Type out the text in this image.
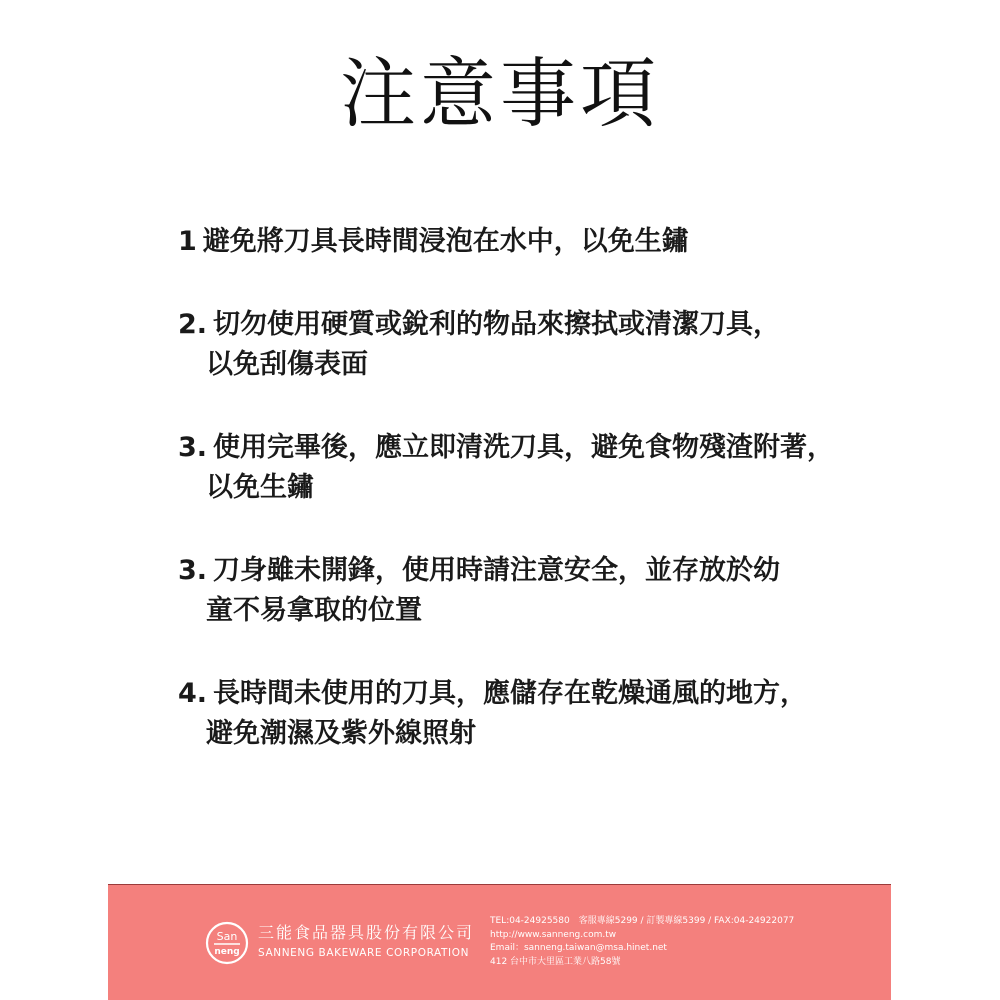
注意事項
1 避免將刀具長時間浸泡在水中，以免生鏽
2. 切勿使用硬質或銳利的物品來擦拭或清潔刀具，
以免刮傷表面
3. 使用完畢後，應立即清洗刀具，避免食物殘渣附著，
以免生鏽
3. 刀身雖未開鋒，使用時請注意安全，並存放於幼
童不易拿取的位置
4. 長時間未使用的刀具，應儲存在乾燥通風的地方，
避免潮濕及紫外線照射
San
neng
三能食品器具股份有限公司
SANNENG BAKEWARE CORPORATION
TEL:04-24925580　客服專線5299 / 訂製專線5399 / FAX:04-24922077
http://www.sanneng.com.tw
Email：sanneng.taiwan@msa.hinet.net
412 台中市大里區工業八路58號
